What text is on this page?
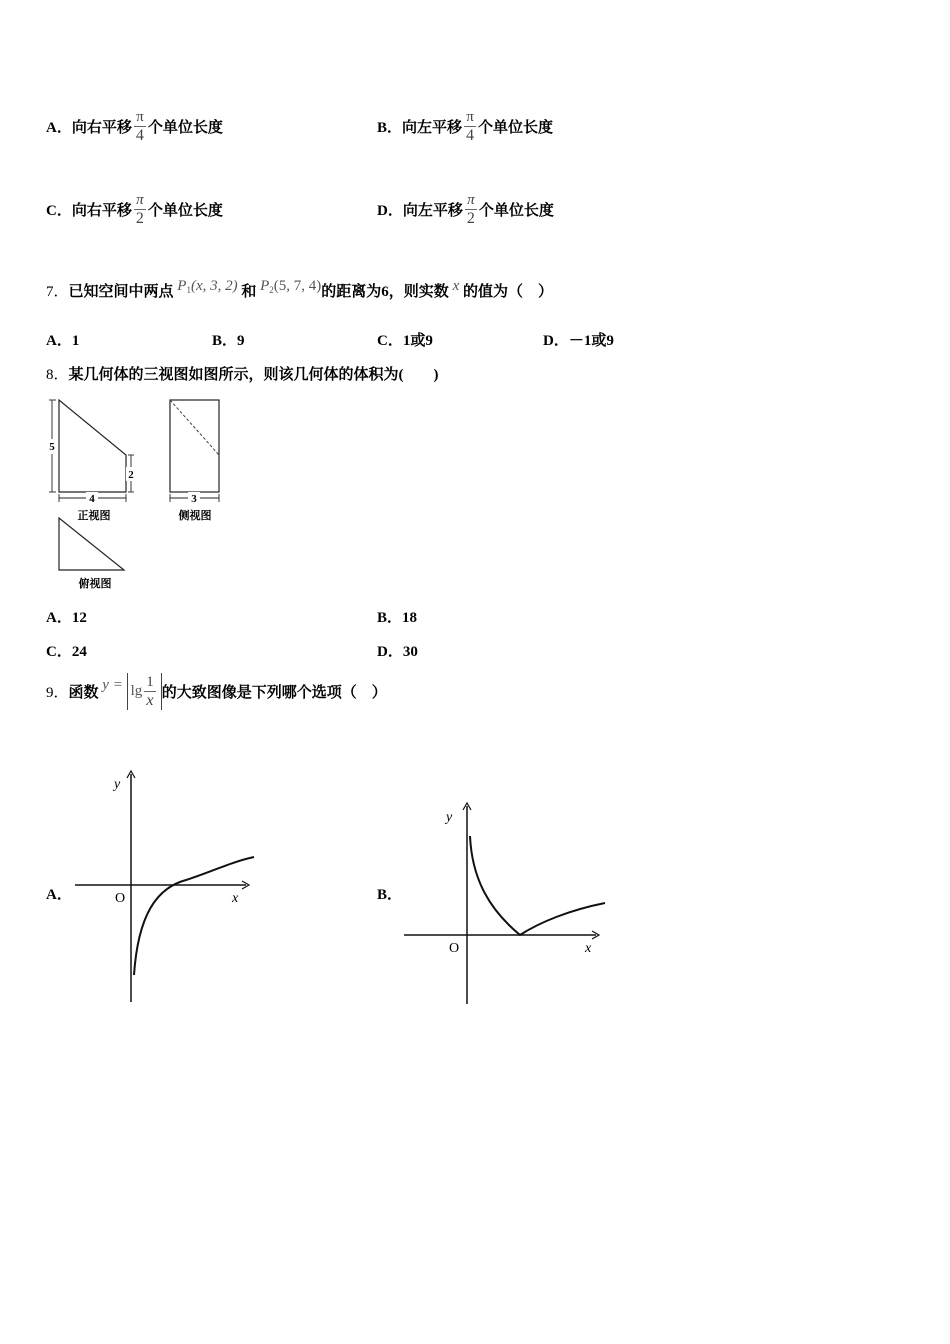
A．向右平移 $\frac{\pi}{4}$ 个单位长度	B．向左平移 $\frac{\pi}{4}$ 个单位长度
C．向右平移 $\frac{\pi}{2}$ 个单位长度	D．向左平移 $\frac{\pi}{2}$ 个单位长度
7．已知空间中两点 $P_1(x$, 3, 2) 和 $P_2(5$, 7, 4)的距离为6，则实数 x 的值为（　）
A．1	B．9	C．1或9	D．－1或9
8．某几何体的三视图如图所示，则该几何体的体积为(　　)
5
2
4
正视图
3
侧视图
俯视图
A．12	B．18
C．24	D．30
9．函数 $y = \lg \frac{1}{x}$ 的大致图像是下列哪个选项（　）
A．
y
x
O	B．
y
x
O
